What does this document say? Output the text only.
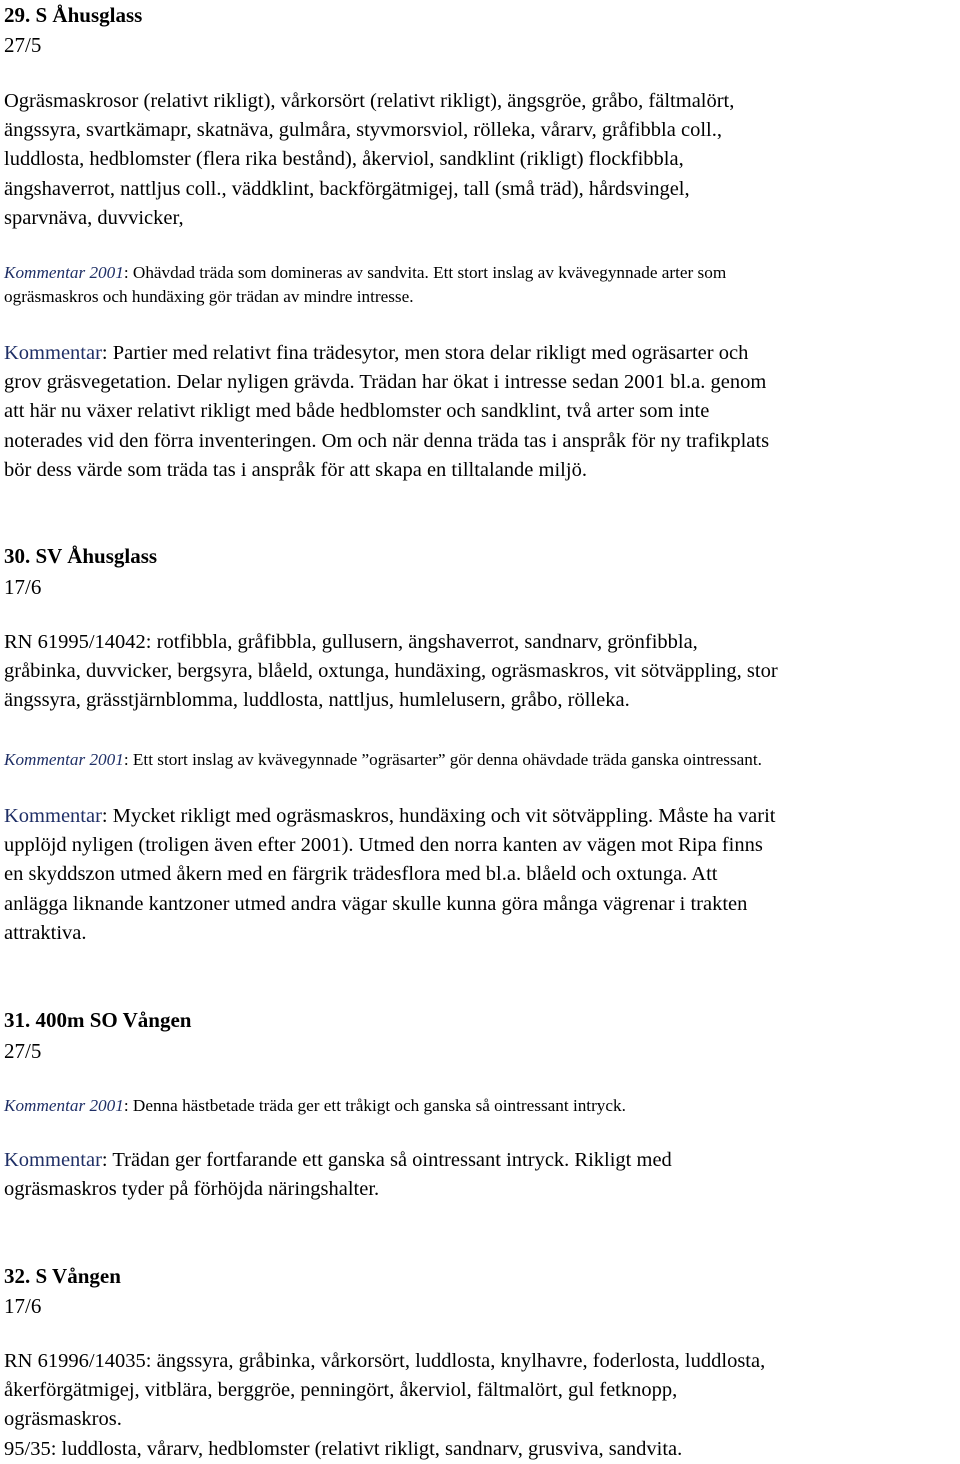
29. S Åhusglass
27/5

Ogräsmaskrosor (relativt rikligt), vårkorsört (relativt rikligt), ängsgröe, gråbo, fältmalört,
ängssyra, svartkämapr, skatnäva, gulmåra, styvmorsviol, rölleka, vårarv, gråfibbla coll.,
luddlosta, hedblomster (flera rika bestånd), åkerviol, sandklint (rikligt) flockfibbla,
ängshaverrot, nattljus coll., väddklint, backförgätmigej, tall (små träd), hårdsvingel,
sparvnäva, duvvicker,

Kommentar 2001: Ohävdad träda som domineras av sandvita. Ett stort inslag av kvävegynnade arter som
ogräsmaskros och hundäxing gör trädan av mindre intresse.

Kommentar: Partier med relativt fina trädesytor, men stora delar rikligt med ogräsarter och
grov gräsvegetation. Delar nyligen grävda. Trädan har ökat i intresse sedan 2001 bl.a. genom
att här nu växer relativt rikligt med både hedblomster och sandklint, två arter som inte
noterades vid den förra inventeringen. Om och när denna träda tas i anspråk för ny trafikplats
bör dess värde som träda tas i anspråk för att skapa en tilltalande miljö.

30. SV Åhusglass
17/6

RN 61995/14042: rotfibbla, gråfibbla, gullusern, ängshaverrot, sandnarv, grönfibbla,
gråbinka, duvvicker, bergsyra, blåeld, oxtunga, hundäxing, ogräsmaskros, vit sötväppling, stor
ängssyra, grässtjärnblomma, luddlosta, nattljus, humlelusern, gråbo, rölleka.

Kommentar 2001: Ett stort inslag av kvävegynnade ”ogräsarter” gör denna ohävdade träda ganska ointressant.

Kommentar: Mycket rikligt med ogräsmaskros, hundäxing och vit sötväppling. Måste ha varit
upplöjd nyligen (troligen även efter 2001). Utmed den norra kanten av vägen mot Ripa finns
en skyddszon utmed åkern med en färgrik trädesflora med bl.a. blåeld och oxtunga. Att
anlägga liknande kantzoner utmed andra vägar skulle kunna göra många vägrenar i trakten
attraktiva.

31. 400m SO Vången
27/5

Kommentar 2001: Denna hästbetade träda ger ett tråkigt och ganska så ointressant intryck.

Kommentar: Trädan ger fortfarande ett ganska så ointressant intryck. Rikligt med
ogräsmaskros tyder på förhöjda näringshalter.

32. S Vången
17/6

RN 61996/14035: ängssyra, gråbinka, vårkorsört, luddlosta, knylhavre, foderlosta, luddlosta,
åkerförgätmigej, vitblära, berggröe, penningört, åkerviol, fältmalört, gul fetknopp,
ogräsmaskros.
95/35: luddlosta, vårarv, hedblomster (relativt rikligt, sandnarv, grusviva, sandvita.
